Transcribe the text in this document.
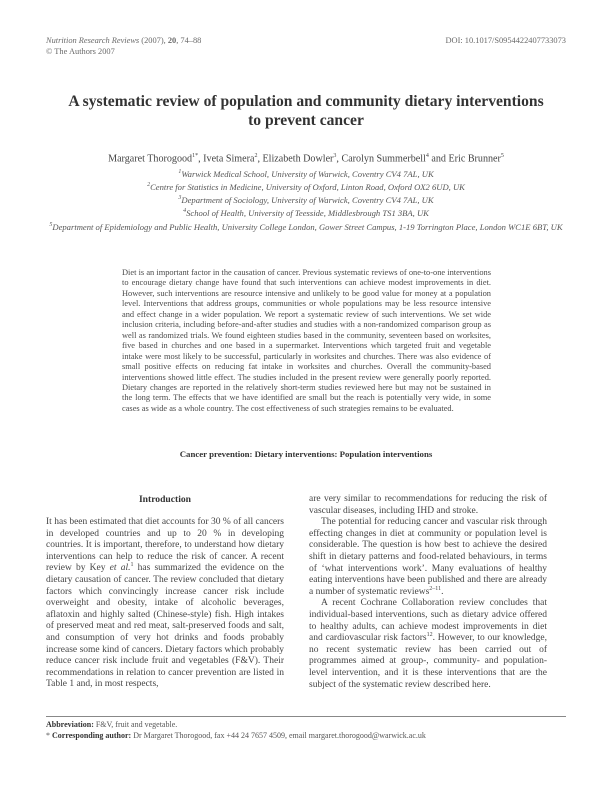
Nutrition Research Reviews (2007), 20, 74–88
© The Authors 2007
DOI: 10.1017/S0954422407733073
A systematic review of population and community dietary interventions
to prevent cancer
Margaret Thorogood$^{1*}$, Iveta Simera$^2$, Elizabeth Dowler$^3$, Carolyn Summerbell$^4$ and Eric Brunner$^5$
$^1$Warwick Medical School, University of Warwick, Coventry CV4 7AL, UK
$^2$Centre for Statistics in Medicine, University of Oxford, Linton Road, Oxford OX2 6UD, UK
$^3$Department of Sociology, University of Warwick, Coventry CV4 7AL, UK
$^4$School of Health, University of Teesside, Middlesbrough TS1 3BA, UK
$^5$Department of Epidemiology and Public Health, University College London, Gower Street Campus, 1-19 Torrington Place, London WC1E 6BT, UK
Diet is an important factor in the causation of cancer. Previous systematic reviews of one-to-one interventions to encourage dietary change have found that such interventions can achieve modest improvements in diet. However, such interventions are resource intensive and unlikely to be good value for money at a population level. Interventions that address groups, communities or whole populations may be less resource intensive and effect change in a wider population. We report a systematic review of such interventions. We set wide inclusion criteria, including before-and-after studies and studies with a non-randomized comparison group as well as randomized trials. We found eighteen studies based in the community, seventeen based on worksites, five based in churches and one based in a supermarket. Interventions which targeted fruit and vegetable intake were most likely to be successful, particularly in worksites and churches. There was also evidence of small positive effects on reducing fat intake in worksites and churches. Overall the community-based interventions showed little effect. The studies included in the present review were generally poorly reported. Dietary changes are reported in the relatively short-term studies reviewed here but may not be sustained in the long term. The effects that we have identified are small but the reach is potentially very wide, in some cases as wide as a whole country. The cost effectiveness of such strategies remains to be evaluated.
Cancer prevention: Dietary interventions: Population interventions
Introduction

It has been estimated that diet accounts for 30 % of all cancers in developed countries and up to 20 % in developing countries. It is important, therefore, to understand how dietary interventions can help to reduce the risk of cancer. A recent review by Key et al.$^1$ has summarized the evidence on the dietary causation of cancer. The review concluded that dietary factors which convincingly increase cancer risk include overweight and obesity, intake of alcoholic beverages, aflatoxin and highly salted (Chinese-style) fish. High intakes of preserved meat and red meat, salt-preserved foods and salt, and consumption of very hot drinks and foods probably increase some kind of cancers. Dietary factors which probably reduce cancer risk include fruit and vegetables (F&V). Their recommendations in relation to cancer prevention are listed in Table 1 and, in most respects,

are very similar to recommendations for reducing the risk of vascular diseases, including IHD and stroke.

The potential for reducing cancer and vascular risk through effecting changes in diet at community or population level is considerable. The question is how best to achieve the desired shift in dietary patterns and food-related behaviours, in terms of ‘what interventions work’. Many evaluations of healthy eating interventions have been published and there are already a number of systematic reviews$^{2-11}$.

A recent Cochrane Collaboration review concludes that individual-based interventions, such as dietary advice offered to healthy adults, can achieve modest improvements in diet and cardiovascular risk factors$^{12}$. However, to our knowledge, no recent systematic review has been carried out of programmes aimed at group-, community- and population-level intervention, and it is these interventions that are the subject of the systematic review described here.

Abbreviation: F&V, fruit and vegetable.
* Corresponding author: Dr Margaret Thorogood, fax +44 24 7657 4509, email margaret.thorogood@warwick.ac.uk
